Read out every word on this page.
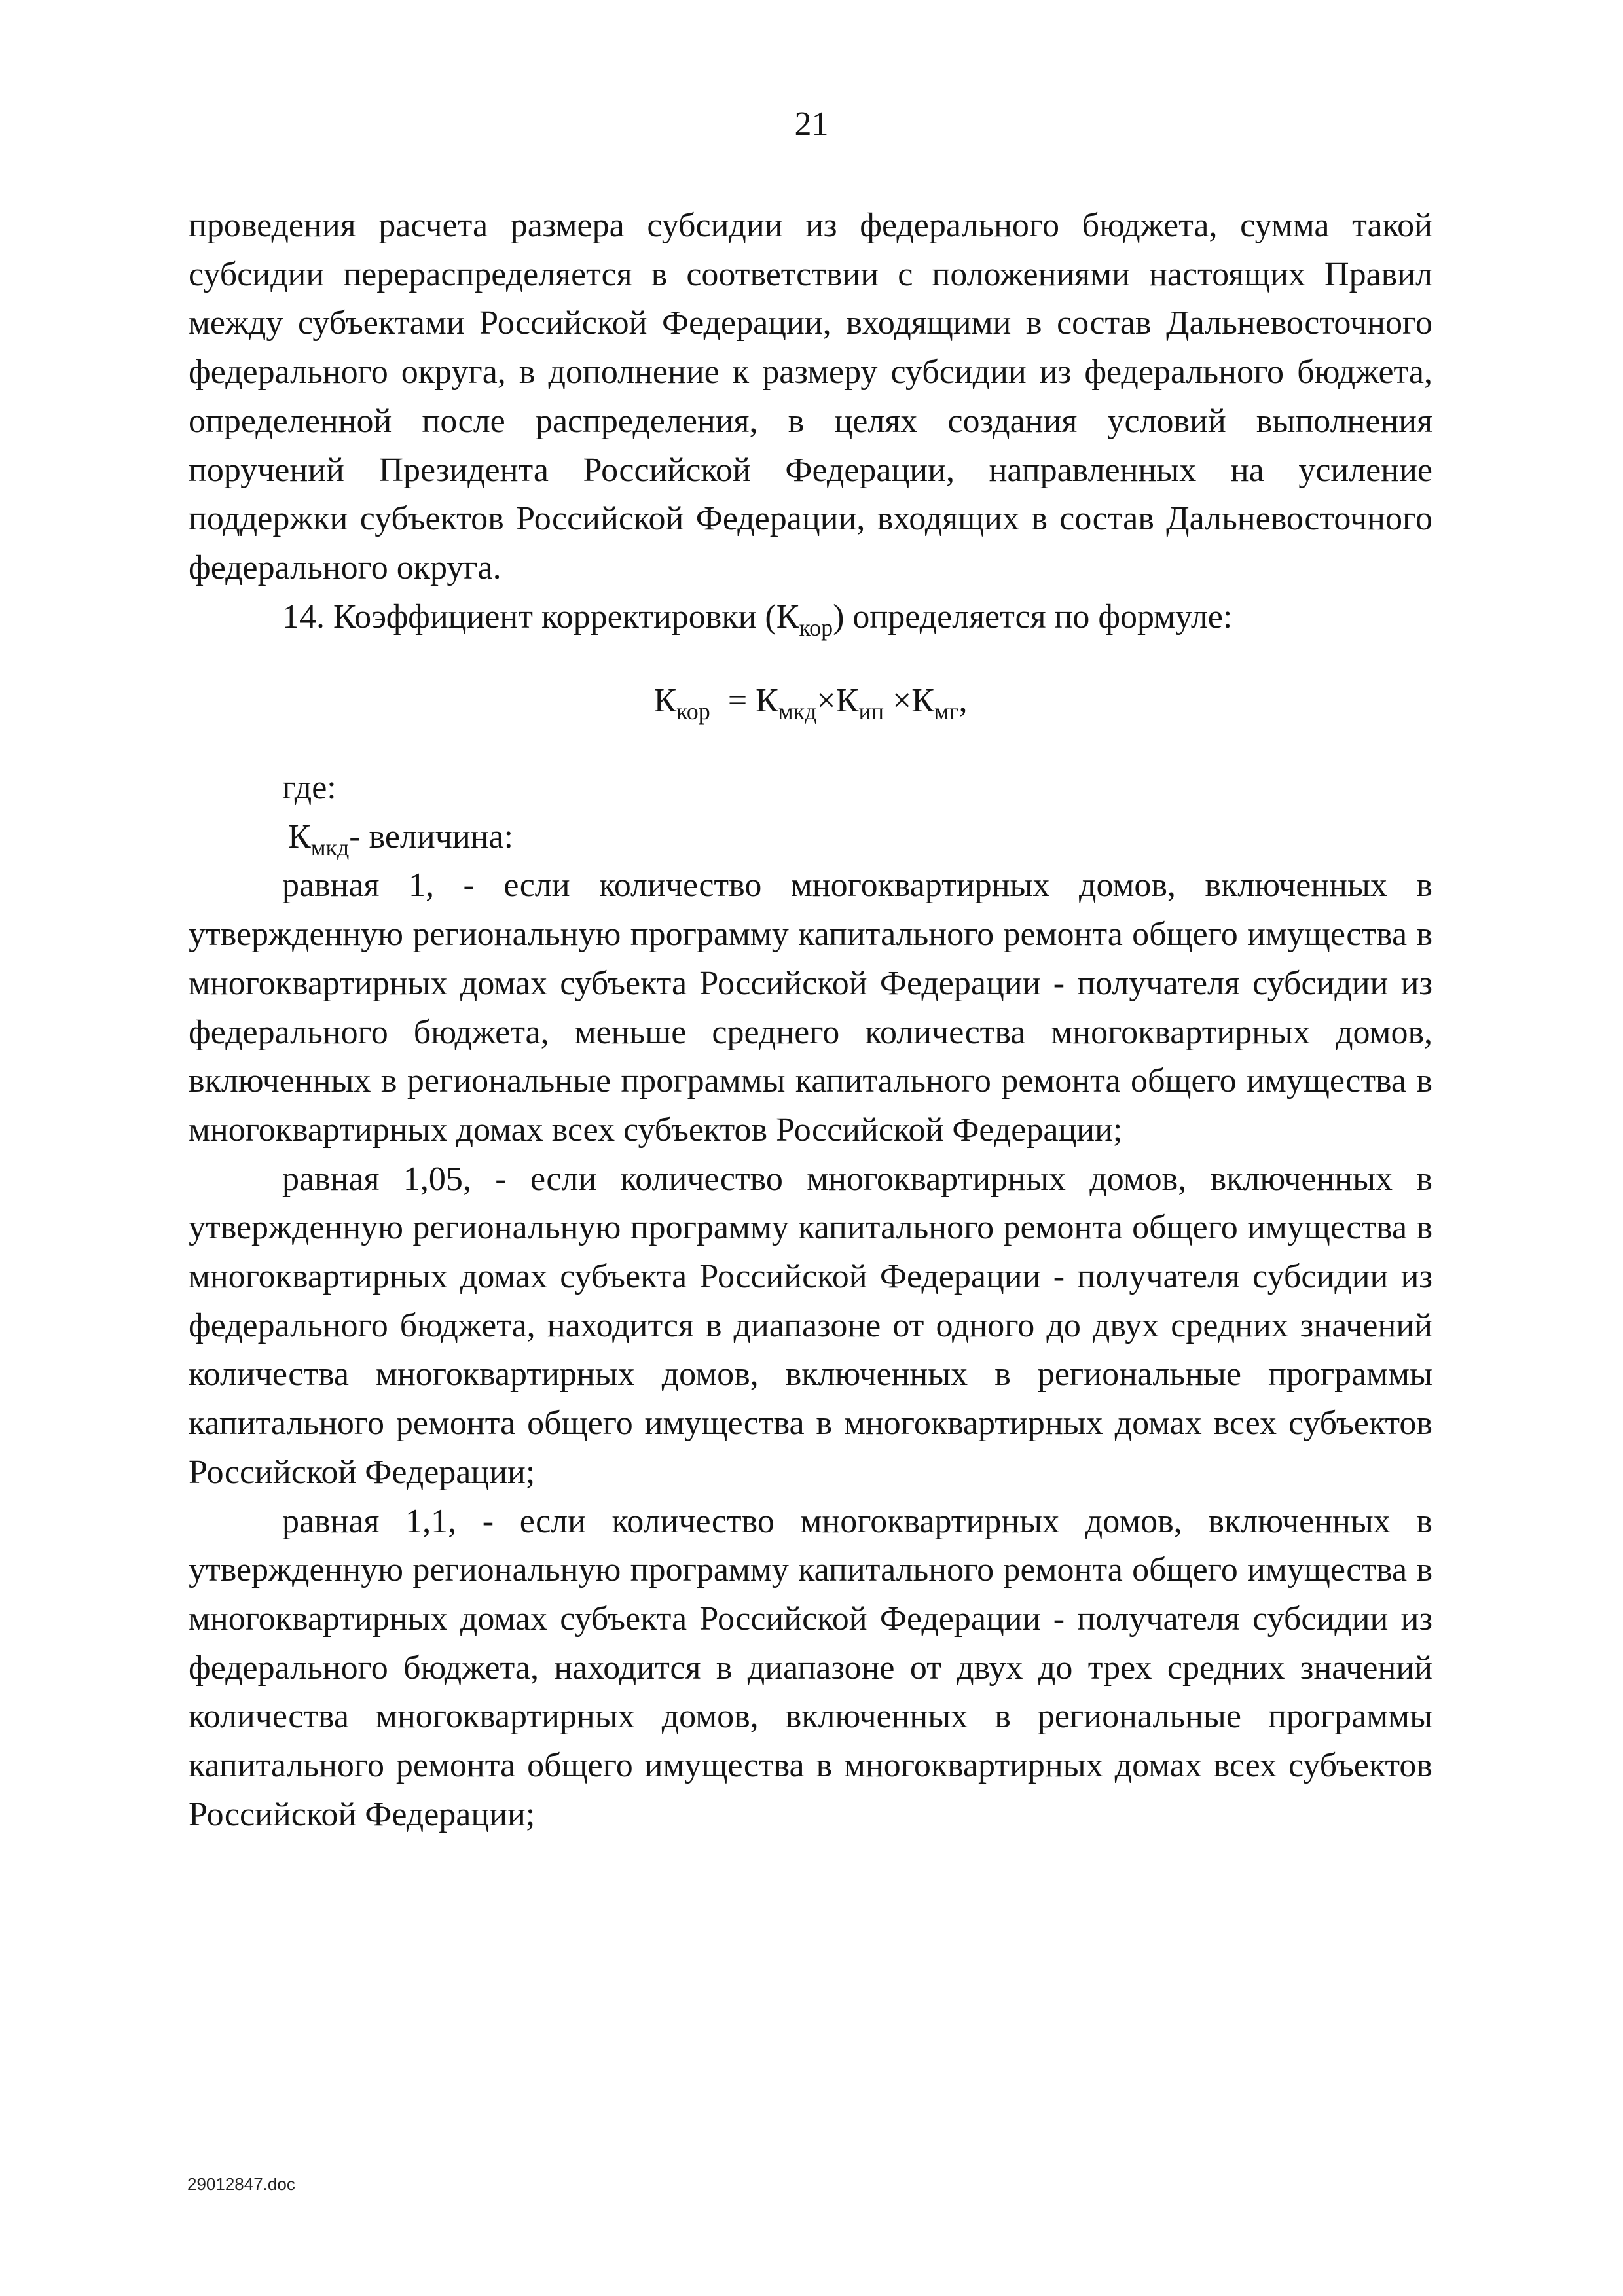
21

проведения расчета размера субсидии из федерального бюджета, сумма такой субсидии перераспределяется в соответствии с положениями настоящих Правил между субъектами Российской Федерации, входящими в состав Дальневосточного федерального округа, в дополнение к размеру субсидии из федерального бюджета, определенной после распределения, в целях создания условий выполнения поручений Президента Российской Федерации, направленных на усиление поддержки субъектов Российской Федерации, входящих в состав Дальневосточного федерального округа.

14. Коэффициент корректировки $(К_{кор})$ определяется по формуле:

$К_{кор} = К_{мкд}\times К_{ип} \times К_{мг}$,

где:

$К_{мкд}-$ величина:

равная 1, - если количество многоквартирных домов, включенных в утвержденную региональную программу капитального ремонта общего имущества в многоквартирных домах субъекта Российской Федерации - получателя субсидии из федерального бюджета, меньше среднего количества многоквартирных домов, включенных в региональные программы капитального ремонта общего имущества в многоквартирных домах всех субъектов Российской Федерации;

равная 1,05, - если количество многоквартирных домов, включенных в утвержденную региональную программу капитального ремонта общего имущества в многоквартирных домах субъекта Российской Федерации - получателя субсидии из федерального бюджета, находится в диапазоне от одного до двух средних значений количества многоквартирных домов, включенных в региональные программы капитального ремонта общего имущества в многоквартирных домах всех субъектов Российской Федерации;

равная 1,1, - если количество многоквартирных домов, включенных в утвержденную региональную программу капитального ремонта общего имущества в многоквартирных домах субъекта Российской Федерации - получателя субсидии из федерального бюджета, находится в диапазоне от двух до трех средних значений количества многоквартирных домов, включенных в региональные программы капитального ремонта общего имущества в многоквартирных домах всех субъектов Российской Федерации;

29012847.doc
